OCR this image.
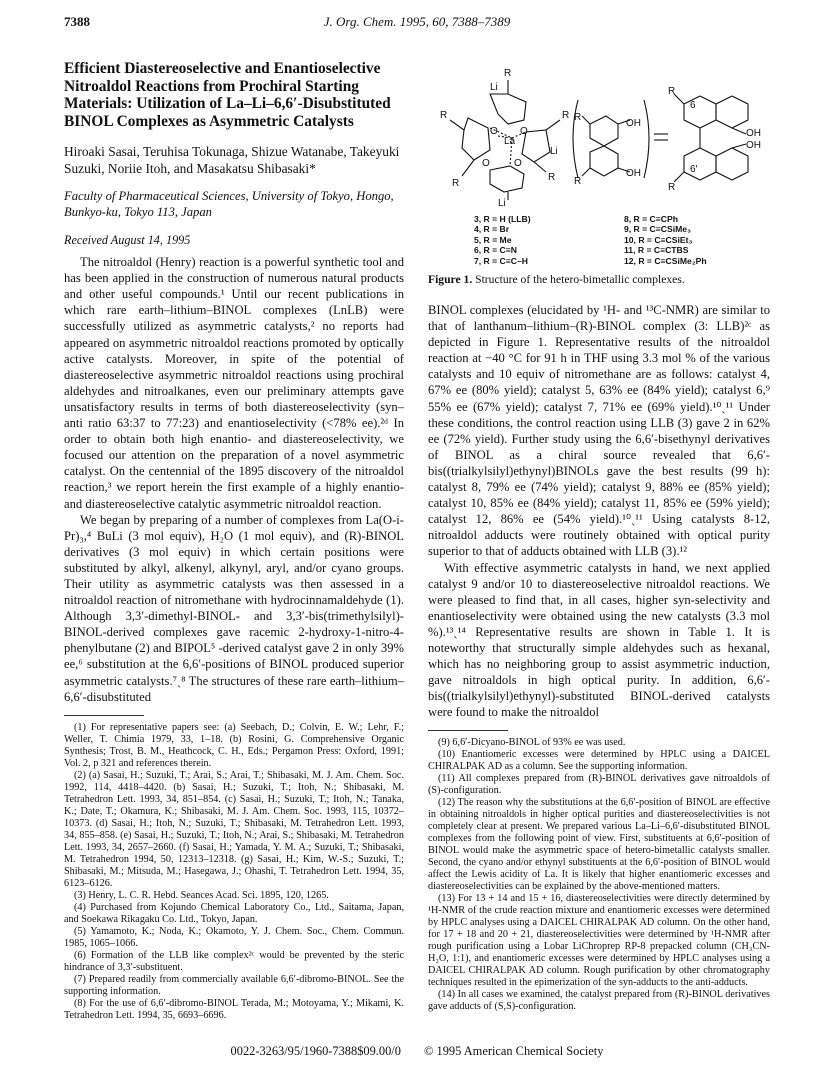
7388	J. Org. Chem. 1995, 60, 7388–7389
Efficient Diastereoselective and Enantioselective Nitroaldol Reactions from Prochiral Starting Materials: Utilization of La–Li–6,6′-Disubstituted BINOL Complexes as Asymmetric Catalysts
Hiroaki Sasai, Teruhisa Tokunaga, Shizue Watanabe, Takeyuki Suzuki, Noriie Itoh, and Masakatsu Shibasaki*
Faculty of Pharmaceutical Sciences, University of Tokyo, Hongo, Bunkyo-ku, Tokyo 113, Japan
Received August 14, 1995

The nitroaldol (Henry) reaction is a powerful synthetic tool and has been applied in the construction of numerous natural products and other useful compounds.¹ Until our recent publications in which rare earth–lithium–BINOL complexes (LnLB) were successfully utilized as asymmetric catalysts,² no reports had appeared on asymmetric nitroaldol reactions promoted by optically active catalysts. Moreover, in spite of the potential of diastereoselective asymmetric nitroaldol reactions using prochiral aldehydes and nitroalkanes, even our preliminary attempts gave unsatisfactory results in terms of both diastereoselectivity (syn–anti ratio 63:37 to 77:23) and enantioselectivity (<78% ee).²ᵈ In order to obtain both high enantio- and diastereoselectivity, we focused our attention on the preparation of a novel asymmetric catalyst. On the centennial of the 1895 discovery of the nitroaldol reaction,³ we report herein the first example of a highly enantio- and diastereoselective catalytic asymmetric nitroaldol reaction.

We began by preparing of a number of complexes from La(O-i-Pr)₃,⁴ BuLi (3 mol equiv), H₂O (1 mol equiv), and (R)-BINOL derivatives (3 mol equiv) in which certain positions were substituted by alkyl, alkenyl, alkynyl, aryl, and/or cyano groups. Their utility as asymmetric catalysts was then assessed in a nitroaldol reaction of nitromethane with hydrocinnamaldehyde (1). Although 3,3′-dimethyl-BINOL- and 3,3′-bis(trimethylsilyl)-BINOL-derived complexes gave racemic 2-hydroxy-1-nitro-4-phenylbutane (2) and BIPOL⁵ -derived catalyst gave 2 in only 39% ee,⁶ substitution at the 6,6′-positions of BINOL produced superior asymmetric catalysts.⁷ˎ⁸ The structures of these rare earth–lithium–6,6′-disubstituted

(1) For representative papers see: (a) Seebach, D.; Colvin, E. W.; Lehr, F.; Weller, T. Chimia 1979, 33, 1–18. (b) Rosini, G. Comprehensive Organic Synthesis; Trost, B. M., Heathcock, C. H., Eds.; Pergamon Press: Oxford, 1991; Vol. 2, p 321 and references therein.

(2) (a) Sasai, H.; Suzuki, T.; Arai, S.; Arai, T.; Shibasaki, M. J. Am. Chem. Soc. 1992, 114, 4418–4420. (b) Sasai, H.; Suzuki, T.; Itoh, N.; Shibasaki, M. Tetrahedron Lett. 1993, 34, 851–854. (c) Sasai, H.; Suzuki, T.; Itoh, N.; Tanaka, K.; Date, T.; Okamura, K.; Shibasaki, M. J. Am. Chem. Soc. 1993, 115, 10372–10373. (d) Sasai, H.; Itoh, N.; Suzuki, T.; Shibasaki, M. Tetrahedron Lett. 1993, 34, 855–858. (e) Sasai, H.; Suzuki, T.; Itoh, N.; Arai, S.; Shibasaki, M. Tetrahedron Lett. 1993, 34, 2657–2660. (f) Sasai, H.; Yamada, Y. M. A.; Suzuki, T.; Shibasaki, M. Tetrahedron 1994, 50, 12313–12318. (g) Sasai, H.; Kim, W.-S.; Suzuki, T.; Shibasaki, M.; Mitsuda, M.; Hasegawa, J.; Ohashi, T. Tetrahedron Lett. 1994, 35, 6123–6126.

(3) Henry, L. C. R. Hebd. Seances Acad. Sci. 1895, 120, 1265.

(4) Purchased from Kojundo Chemical Laboratory Co., Ltd., Saitama, Japan, and Soekawa Rikagaku Co. Ltd., Tokyo, Japan.

(5) Yamamoto, K.; Noda, K.; Okamoto, Y. J. Chem. Soc., Chem. Commun. 1985, 1065–1066.

(6) Formation of the LLB like complex²ᶜ would be prevented by the steric hindrance of 3,3′-substituent.

(7) Prepared readily from commercially available 6,6′-dibromo-BINOL. See the supporting information.

(8) For the use of 6,6′-dibromo-BINOL Terada, M.; Motoyama, Y.; Mikami, K. Tetrahedron Lett. 1994, 35, 6693–6696.

R
Li
R
R
O O
La
Li
O O
R
R
Li
R
OH
OH
R
R
6
OH
OH
6′
R
3, R = H (LLB)
4, R = Br
5, R = Me
6, R = C≡N
7, R = C≡C–H
8, R = C≡CPh
9, R = C≡CSiMe₃
10, R = C≡CSiEt₃
11, R = C≡CTBS
12, R = C≡CSiMe₂Ph
Figure 1. Structure of the hetero-bimetallic complexes.

BINOL complexes (elucidated by ¹H- and ¹³C-NMR) are similar to that of lanthanum–lithium–(R)-BINOL complex (3: LLB)²ᶜ as depicted in Figure 1. Representative results of the nitroaldol reaction at −40 °C for 91 h in THF using 3.3 mol % of the various catalysts and 10 equiv of nitromethane are as follows: catalyst 4, 67% ee (80% yield); catalyst 5, 63% ee (84% yield); catalyst 6,⁹ 55% ee (67% yield); catalyst 7, 71% ee (69% yield).¹⁰ˎ¹¹ Under these conditions, the control reaction using LLB (3) gave 2 in 62% ee (72% yield). Further study using the 6,6′-bisethynyl derivatives of BINOL as a chiral source revealed that 6,6′-bis((trialkylsilyl)ethynyl)BINOLs gave the best results (99 h): catalyst 8, 79% ee (74% yield); catalyst 9, 88% ee (85% yield); catalyst 10, 85% ee (84% yield); catalyst 11, 85% ee (59% yield); catalyst 12, 86% ee (54% yield).¹⁰ˎ¹¹ Using catalysts 8-12, nitroaldol adducts were routinely obtained with optical purity superior to that of adducts obtained with LLB (3).¹²

With effective asymmetric catalysts in hand, we next applied catalyst 9 and/or 10 to diastereoselective nitroaldol reactions. We were pleased to find that, in all cases, higher syn-selectivity and enantioselectivity were obtained using the new catalysts (3.3 mol %).¹³ˎ¹⁴ Representative results are shown in Table 1. It is noteworthy that structurally simple aldehydes such as hexanal, which has no neighboring group to assist asymmetric induction, gave nitroaldols in high optical purity. In addition, 6,6′-bis((trialkylsilyl)ethynyl)-substituted BINOL-derived catalysts were found to make the nitroaldol

(9) 6,6′-Dicyano-BINOL of 93% ee was used.

(10) Enantiomeric excesses were determined by HPLC using a DAICEL CHIRALPAK AD as a column. See the supporting information.

(11) All complexes prepared from (R)-BINOL derivatives gave nitroaldols of (S)-configuration.

(12) The reason why the substitutions at the 6,6′-position of BINOL are effective in obtaining nitroaldols in higher optical purities and diastereoselectivities is not completely clear at present. We prepared various La–Li–6,6′-disubstituted BINOL complexes from the following point of view. First, substituents at 6,6′-position of BINOL would make the asymmetric space of hetero-bimetallic catalysts smaller. Second, the cyano and/or ethynyl substituents at the 6,6′-position of BINOL would affect the Lewis acidity of La. It is likely that higher enantiomeric excesses and diastereoselectivities can be explained by the above-mentioned matters.

(13) For 13 + 14 and 15 + 16, diastereoselectivities were directly determined by ¹H-NMR of the crude reaction mixture and enantiomeric excesses were determined by HPLC analyses using a DAICEL CHIRALPAK AD column. On the other hand, for 17 + 18 and 20 + 21, diastereoselectivities were determined by ¹H-NMR after rough purification using a Lobar LiChroprep RP-8 prepacked column (CH₃CN-H₂O, 1:1), and enantiomeric excesses were determined by HPLC analyses using a DAICEL CHIRALPAK AD column. Rough purification by other chromatography techniques resulted in the epimerization of the syn-adducts to the anti-adducts.

(14) In all cases we examined, the catalyst prepared from (R)-BINOL derivatives gave adducts of (S,S)-configuration.

0022-3263/95/1960-7388$09.00/0 © 1995 American Chemical Society
